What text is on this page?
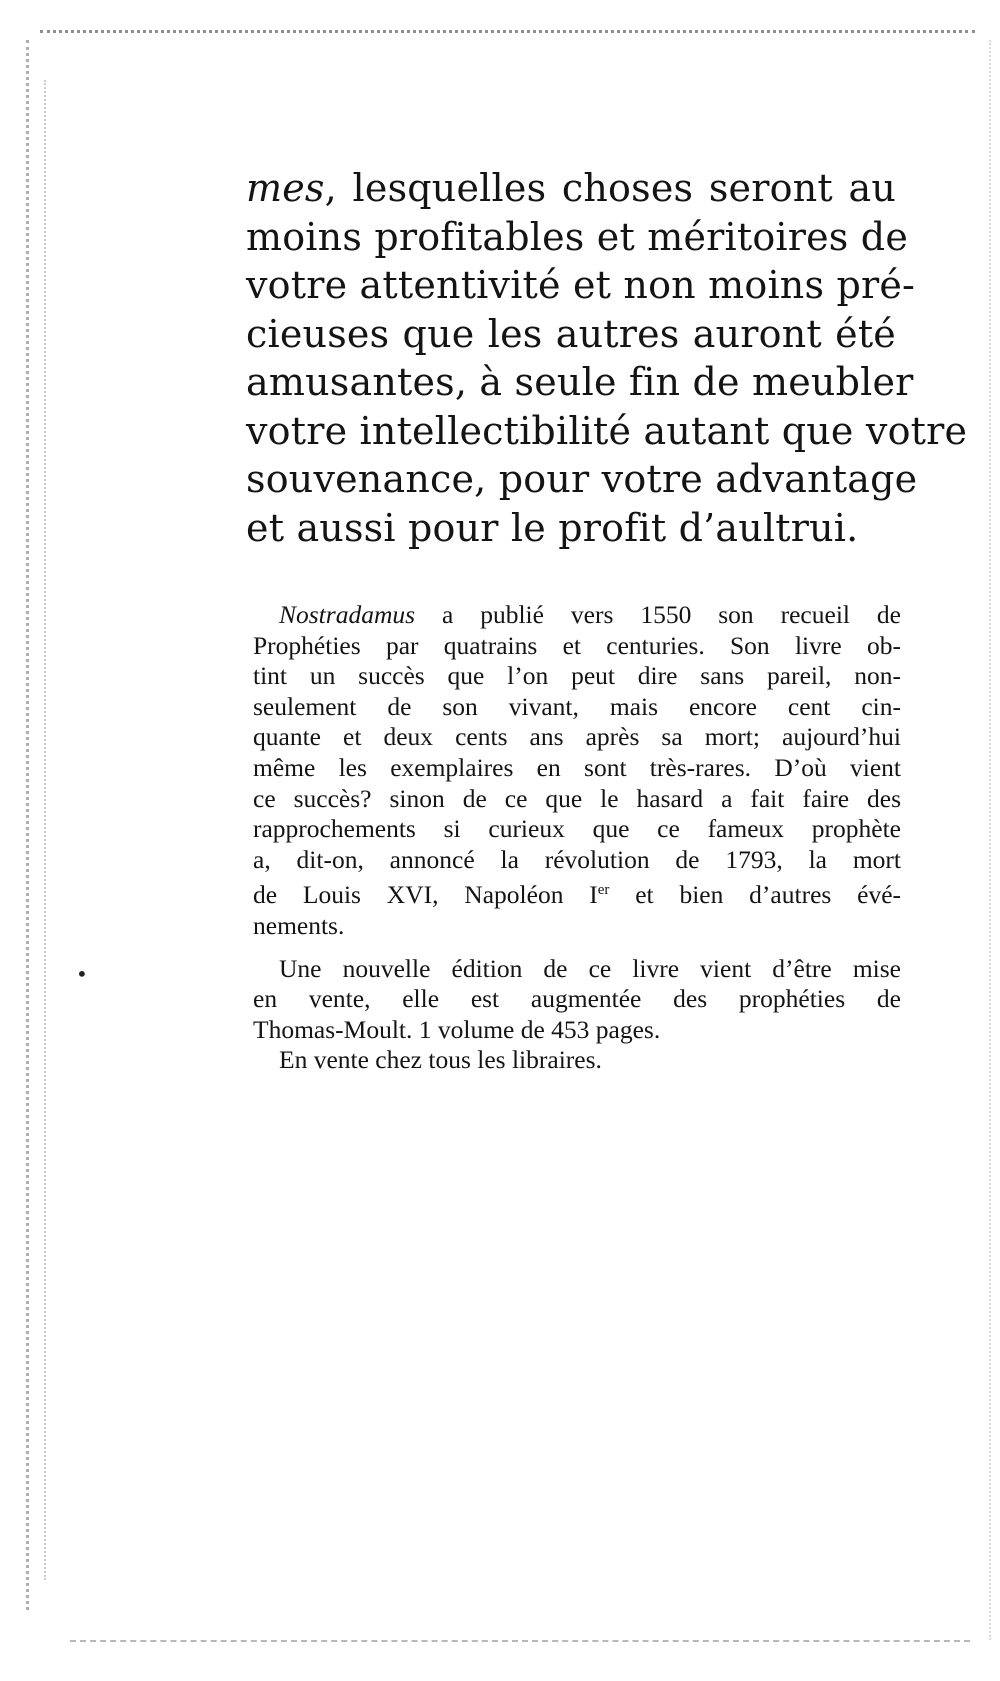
•
mes, lesquelles choses seront au
moins profitables et méritoires de
votre attentivité et non moins pré-
cieuses que les autres auront été
amusantes, à seule fin de meubler
votre intellectibilité autant que votre
souvenance, pour votre advantage
et aussi pour le profit d’aultrui.
Nostradamus a publié vers 1550 son recueil de
Prophéties par quatrains et centuries. Son livre ob-
tint un succès que l’on peut dire sans pareil, non-
seulement de son vivant, mais encore cent cin-
quante et deux cents ans après sa mort; aujourd’hui
même les exemplaires en sont très-rares. D’où vient
ce succès? sinon de ce que le hasard a fait faire des
rapprochements si curieux que ce fameux prophète
a, dit-on, annoncé la révolution de 1793, la mort
de Louis XVI, Napoléon Ier et bien d’autres évé-
nements.
Une nouvelle édition de ce livre vient d’être mise
en vente, elle est augmentée des prophéties de
Thomas-Moult. 1 volume de 453 pages.
En vente chez tous les libraires.
